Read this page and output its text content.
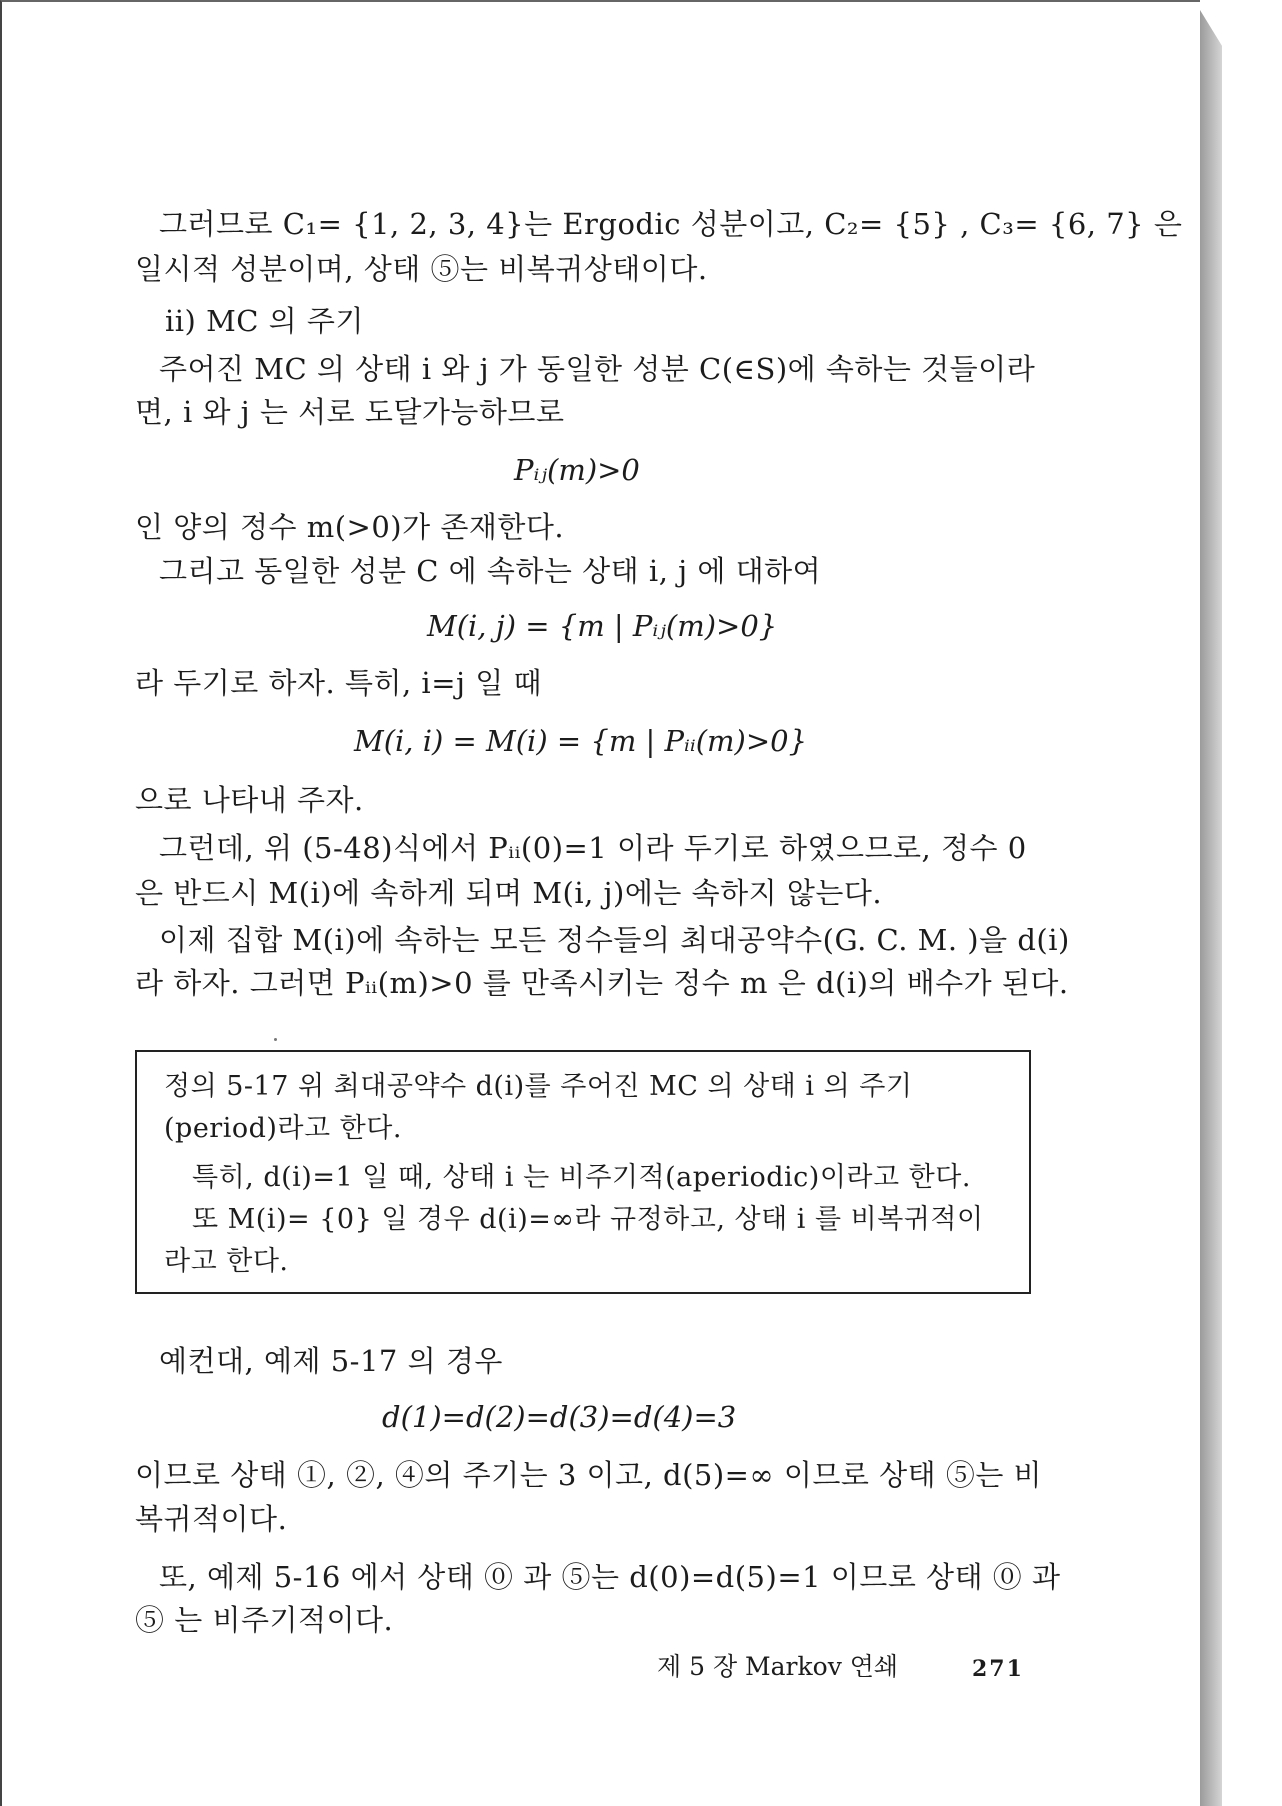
그러므로 C₁= {1, 2, 3, 4}는 Ergodic 성분이고, C₂= {5} , C₃= {6, 7} 은

일시적 성분이며, 상태 ⑤는 비복귀상태이다.

ii) MC 의 주기

주어진 MC 의 상태 i 와 j 가 동일한 성분 C(∈S)에 속하는 것들이라

면, i 와 j 는 서로 도달가능하므로

Pᵢⱼ(m)>0

인 양의 정수 m(>0)가 존재한다.

그리고 동일한 성분 C 에 속하는 상태 i, j 에 대하여

M(i, j) = {m | Pᵢⱼ(m)>0}

라 두기로 하자. 특히, i=j 일 때

M(i, i) = M(i) = {m | Pᵢᵢ(m)>0}

으로 나타내 주자.

그런데, 위 (5-48)식에서 Pᵢᵢ(0)=1 이라 두기로 하였으므로, 정수 0

은 반드시 M(i)에 속하게 되며 M(i, j)에는 속하지 않는다.

이제 집합 M(i)에 속하는 모든 정수들의 최대공약수(G. C. M. )을 d(i)

라 하자. 그러면 Pᵢᵢ(m)>0 를 만족시키는 정수 m 은 d(i)의 배수가 된다.

정의 5-17 위 최대공약수 d(i)를 주어진 MC 의 상태 i 의 주기

(period)라고 한다.

특히, d(i)=1 일 때, 상태 i 는 비주기적(aperiodic)이라고 한다.

또 M(i)= {0} 일 경우 d(i)=∞라 규정하고, 상태 i 를 비복귀적이

라고 한다.

예컨대, 예제 5-17 의 경우

d(1)=d(2)=d(3)=d(4)=3

이므로 상태 ①, ②, ④의 주기는 3 이고, d(5)=∞ 이므로 상태 ⑤는 비

복귀적이다.

또, 예제 5-16 에서 상태 ⓪ 과 ⑤는 d(0)=d(5)=1 이므로 상태 ⓪ 과

⑤ 는 비주기적이다.

제 5 장 Markov 연쇄	271
